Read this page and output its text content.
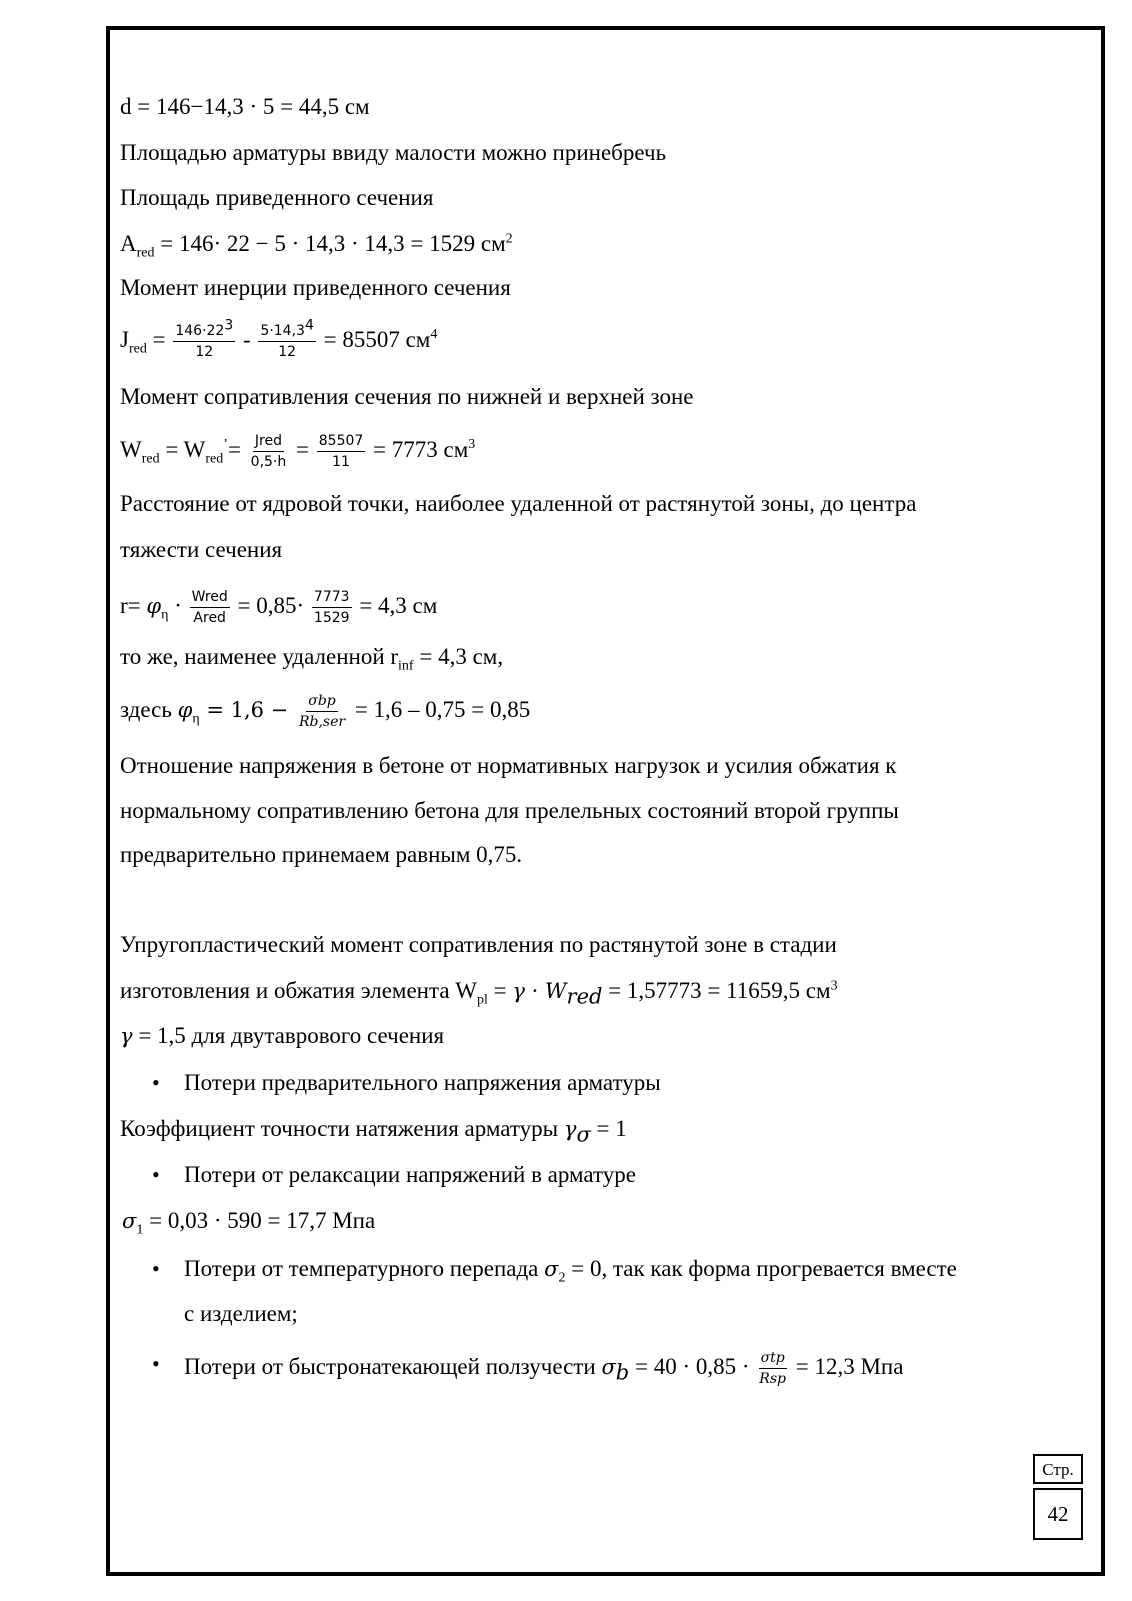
d = 146−14,3 · 5 = 44,5 см
Площадью арматуры ввиду малости можно принебречь
Площадь приведенного сечения
$A_{red} = 146\cdot 22 - 5 \cdot 14,3 \cdot 14,3 = 1529$ $см^2$
Момент инерции приведенного сечения
$J_{red} = \frac{146\cdot 22^3}{12} - \frac{5\cdot 14,3^4}{12} = 85507$ $см^4$
Момент сопративления сечения по нижней и верхней зоне
$W_{red} = W_{red}^’= \frac{\text{Jred}}{0,5\cdot h} = \frac{85507}{11} = 7773$ $см^3$
Расстояние от ядровой точки, наиболее удаленной от растянутой зоны, до центра
тяжести сечения
$r= \varphi_\eta \cdot \frac{\text{Wred}}{\text{Ared}} = 0,85\cdot \frac{7773}{1529} = 4,3$ см
то же, наименее удаленной $r_{inf} = 4,3$ см,
здесь $\varphi_\eta = 1,6 - \frac{\text{σbp}}{\text{Rb,ser}} = 1,6 - 0,75 = 0,85$
Отношение напряжения в бетоне от нормативных нагрузок и усилия обжатия к
нормальному сопративлению бетона для прелельных состояний второй группы
предварительно принемаем равным 0,75.
Упругопластический момент сопративления по растянутой зоне в стадии
изготовления и обжатия элемента $W_{pl} = \gamma \cdot W_{red} = 1,57773 = 11659,5$ $см^3$
γ = 1,5 для двутаврового сечения
• Потери предварительного напряжения арматуры
Коэффициент точности натяжения арматуры $\gamma_\sigma = 1$
• Потери от релаксации напряжений в арматуре
$\sigma_1 = 0,03 \cdot 590 = 17,7$ Мпа
• Потери от температурного перепада $\sigma_2 = 0$, так как форма прогревается вместе
с изделием;
• Потери от быстронатекающей ползучести $\sigma_b = 40 \cdot 0,85 \cdot \frac{\text{σtp}}{\text{Rsp}} = 12,3$ Мпа
Стр.
42
